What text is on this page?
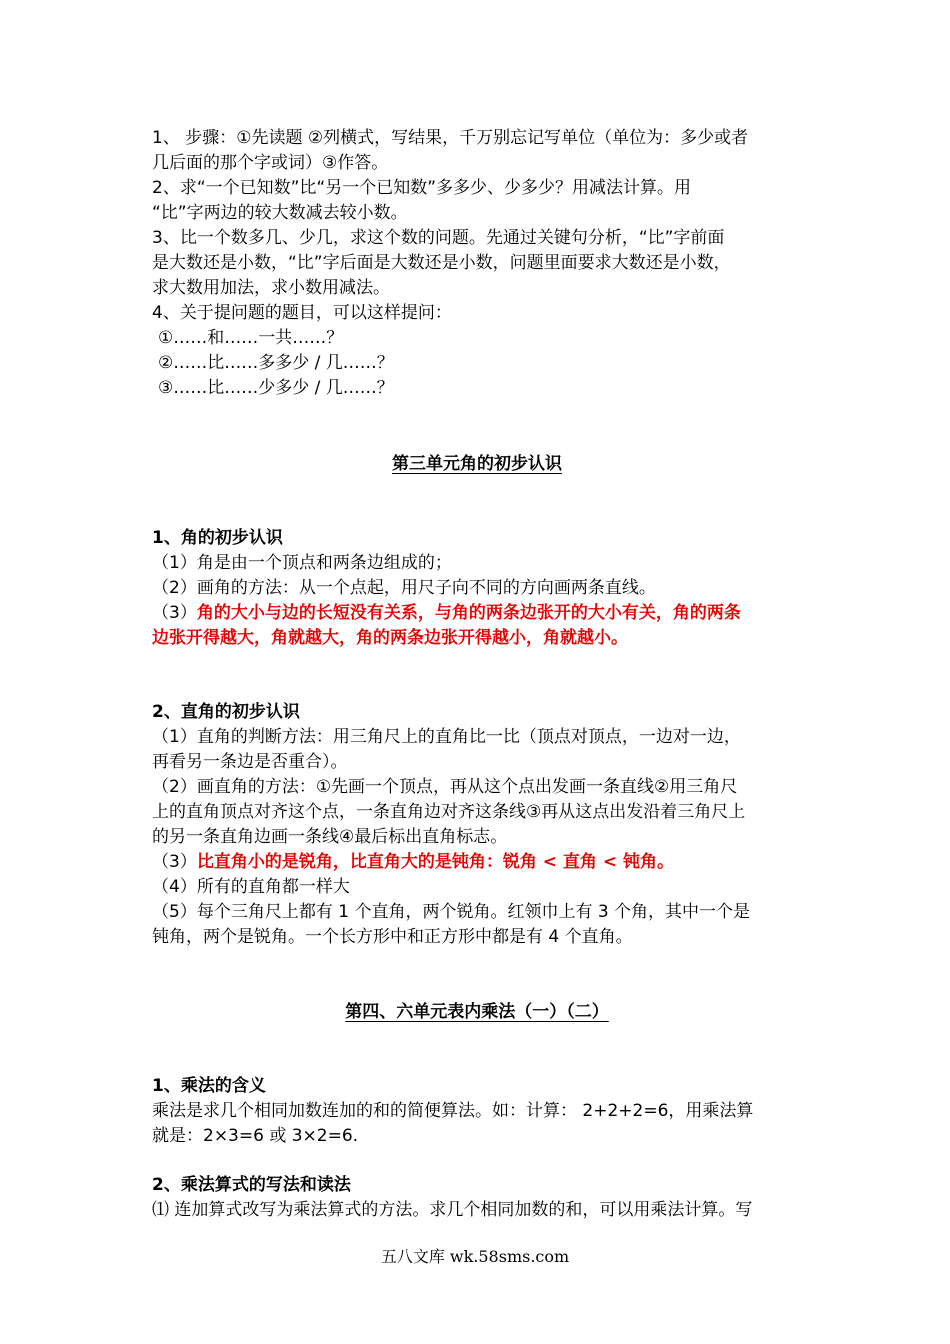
1、 步骤：①先读题 ②列横式，写结果，千万别忘记写单位（单位为：多少或者
几后面的那个字或词）③作答。
2、求“一个已知数”比“另一个已知数”多多少、少多少？用减法计算。用
“比”字两边的较大数减去较小数。
3、比一个数多几、少几，求这个数的问题。先通过关键句分析，“比”字前面
是大数还是小数，“比”字后面是大数还是小数，问题里面要求大数还是小数，
求大数用加法，求小数用减法。
4、关于提问题的题目，可以这样提问：
①……和……一共……？
②……比……多多少 / 几……？
③……比……少多少 / 几……？
第三单元角的初步认识
1、角的初步认识
（1）角是由一个顶点和两条边组成的；
（2）画角的方法：从一个点起，用尺子向不同的方向画两条直线。
（3）角的大小与边的长短没有关系，与角的两条边张开的大小有关，角的两条
边张开得越大，角就越大，角的两条边张开得越小，角就越小。
2、直角的初步认识
（1）直角的判断方法：用三角尺上的直角比一比（顶点对顶点，一边对一边，
再看另一条边是否重合）。
（2）画直角的方法：①先画一个顶点，再从这个点出发画一条直线②用三角尺
上的直角顶点对齐这个点，一条直角边对齐这条线③再从这点出发沿着三角尺上
的另一条直角边画一条线④最后标出直角标志。
（3）比直角小的是锐角，比直角大的是钝角：锐角 < 直角 < 钝角。
（4）所有的直角都一样大
（5）每个三角尺上都有 1 个直角，两个锐角。红领巾上有 3 个角，其中一个是
钝角，两个是锐角。一个长方形中和正方形中都是有 4 个直角。
第四、六单元表内乘法（一）（二）
1、乘法的含义
乘法是求几个相同加数连加的和的简便算法。如：计算： 2+2+2=6，用乘法算
就是：2×3=6 或 3×2=6.
2、乘法算式的写法和读法
⑴ 连加算式改写为乘法算式的方法。求几个相同加数的和，可以用乘法计算。写
五八文库 wk.58sms.com
